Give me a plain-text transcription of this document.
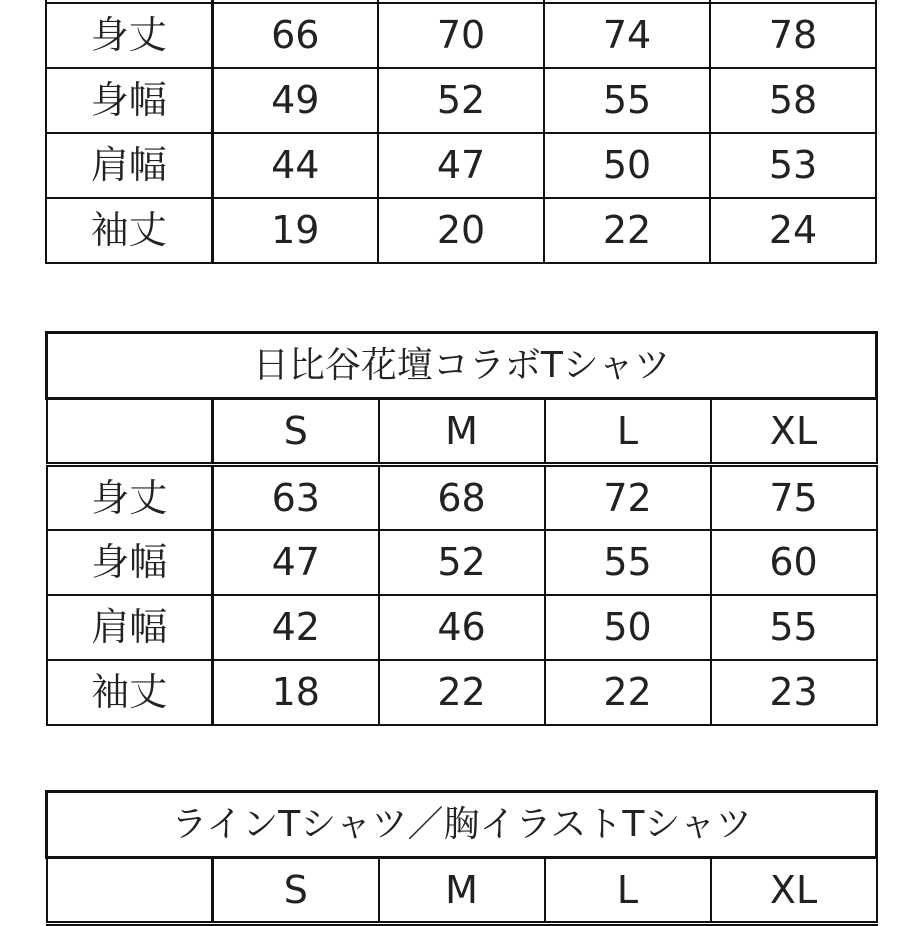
身丈	66	70	74	78
身幅	49	52	55	58
肩幅	44	47	50	53
袖丈	19	20	22	24
日比谷花壇コラボTシャツ				
	S	M	L	XL
身丈	63	68	72	75
身幅	47	52	55	60
肩幅	42	46	50	55
袖丈	18	22	22	23
ラインTシャツ／胸イラストTシャツ
	S	M	L	XL
